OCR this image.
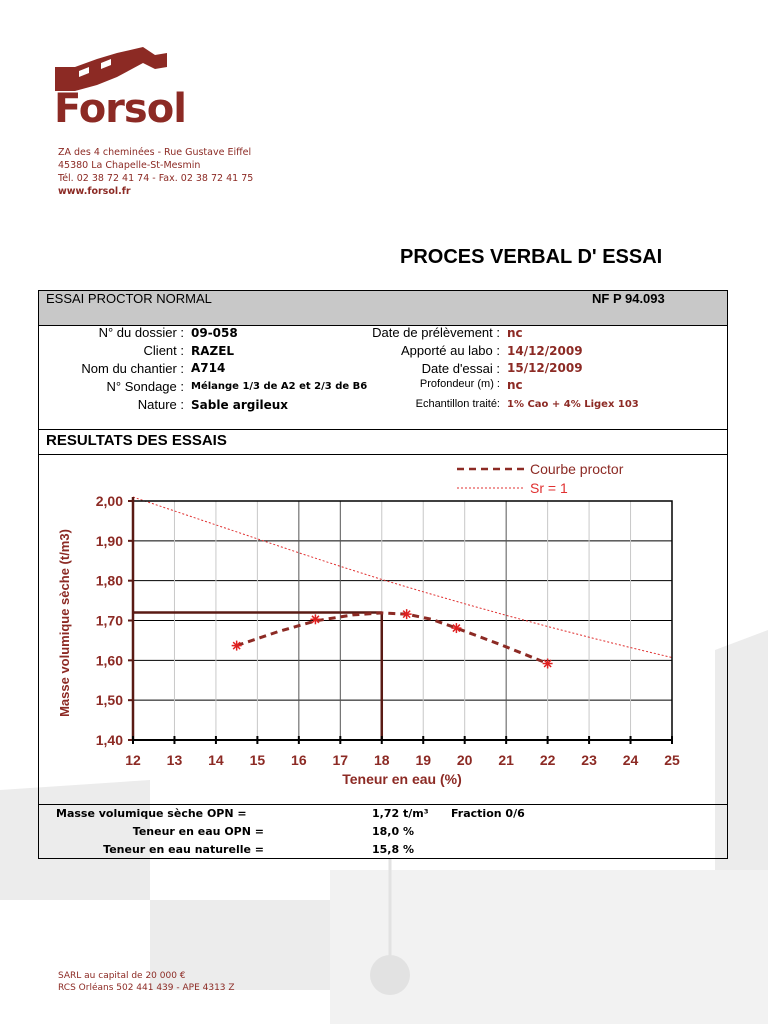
Forsol
ZA des 4 cheminées - Rue Gustave Eiffel
45380 La Chapelle-St-Mesmin
Tél. 02 38 72 41 74 - Fax. 02 38 72 41 75
www.forsol.fr
PROCES VERBAL D' ESSAI
ESSAI PROCTOR NORMAL	NF P 94.093
N° du dossier : 09-058
Client : RAZEL
Nom du chantier : A714
N° Sondage : Mélange 1/3 de A2 et 2/3 de B6
Nature : Sable argileux
Date de prélèvement : nc
Apporté au labo : 14/12/2009
Date d'essai : 15/12/2009
Profondeur (m) : nc
Echantillon traité: 1% Cao + 4% Ligex 103
RESULTATS DES ESSAIS
1,40
1,50
1,60
1,70
1,80
1,90
2,00
12 13 14 15 16 17 18 19 20 21 22 23 24 25
Teneur en eau (%)
Masse volumique sèche (t/m3)
Courbe proctor
Sr = 1
Masse volumique sèche OPN =	1,72 t/m³ Fraction 0/6
Teneur en eau OPN =	18,0 %
Teneur en eau naturelle =	15,8 %
SARL au capital de 20 000 €
RCS Orléans 502 441 439 - APE 4313 Z
